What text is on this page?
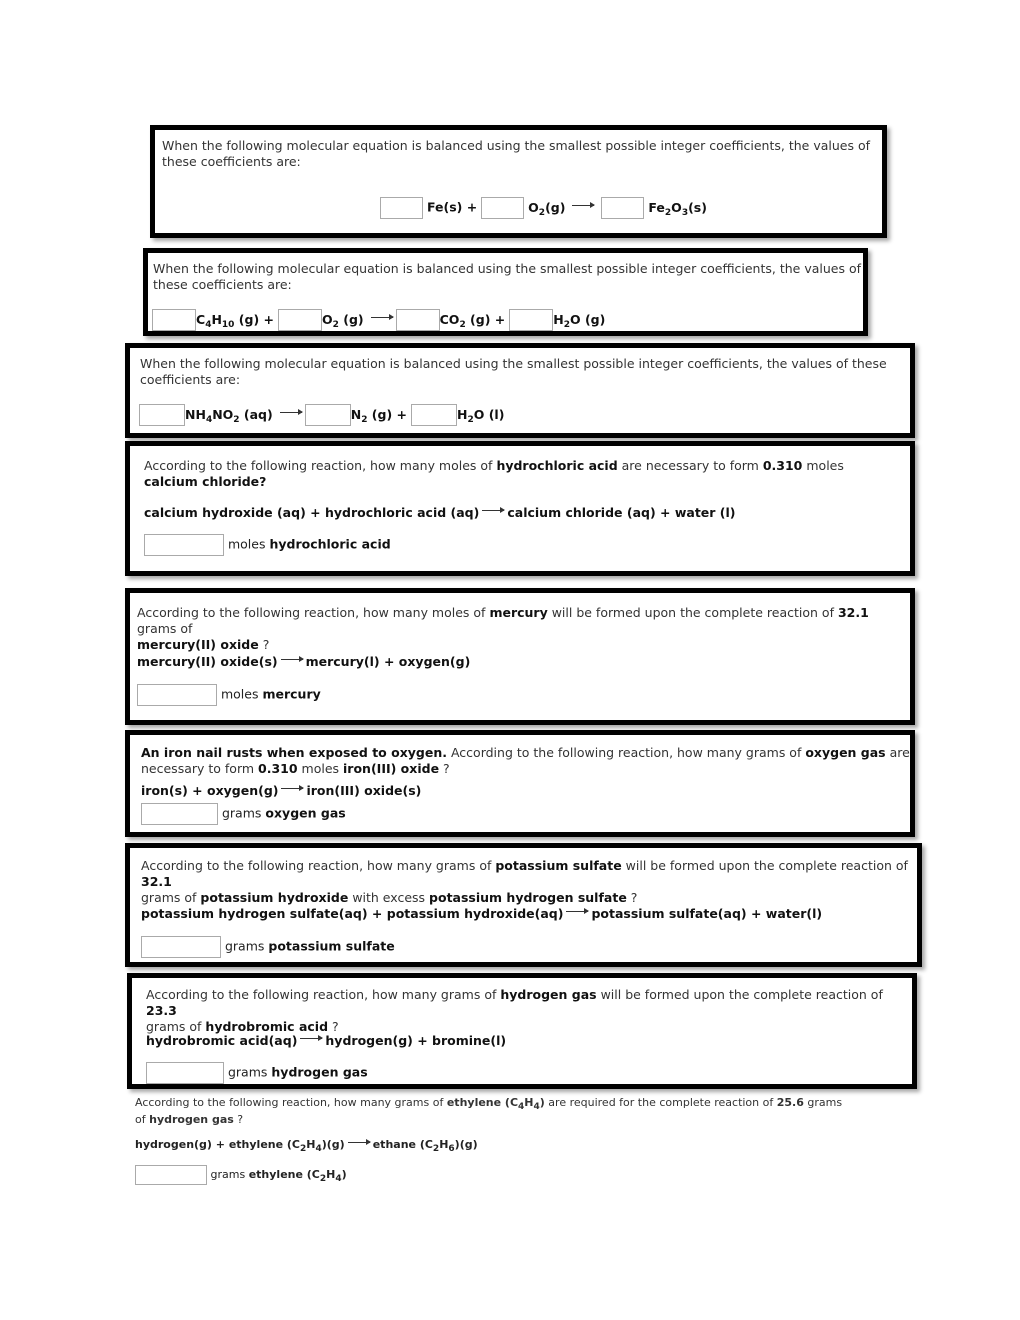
When the following molecular equation is balanced using the smallest possible integer coefficients, the values of these coefficients are:
Fe(s) +	$O_2(g)$	$Fe_2O_3(s)$
When the following molecular equation is balanced using the smallest possible integer coefficients, the values of these coefficients are:
$C_4H_{10}$ (g) +	$O_2$ (g)	$CO_2$ (g) +	$H_2O$ (g)
When the following molecular equation is balanced using the smallest possible integer coefficients, the values of these coefficients are:
$NH_4NO_2$ (aq)	$N_2$ (g) +	$H_2O$ (l)
According to the following reaction, how many moles of hydrochloric acid are necessary to form 0.310 moles calcium chloride?
calcium hydroxide (aq) + hydrochloric acid (aq) calcium chloride (aq) + water (l)
moles hydrochloric acid
According to the following reaction, how many moles of mercury will be formed upon the complete reaction of 32.1 grams of
mercury(II) oxide ?
mercury(II) oxide(s) mercury(l) + oxygen(g)
moles mercury
An iron nail rusts when exposed to oxygen. According to the following reaction, how many grams of oxygen gas are
necessary to form 0.310 moles iron(III) oxide ?
iron(s) + oxygen(g) iron(III) oxide(s)
grams oxygen gas
According to the following reaction, how many grams of potassium sulfate will be formed upon the complete reaction of 32.1
grams of potassium hydroxide with excess potassium hydrogen sulfate ?
potassium hydrogen sulfate(aq) + potassium hydroxide(aq) potassium sulfate(aq) + water(l)
grams potassium sulfate
According to the following reaction, how many grams of hydrogen gas will be formed upon the complete reaction of 23.3
grams of hydrobromic acid ?
hydrobromic acid(aq) hydrogen(g) + bromine(l)
grams hydrogen gas
According to the following reaction, how many grams of ethylene $(C_4H_4)$ are required for the complete reaction of 25.6 grams
of hydrogen gas ?
hydrogen(g) + ethylene $(C_2H_4)(g)$	ethane $(C_2H_6)(g)$
grams ethylene $(C_2H_4)$
